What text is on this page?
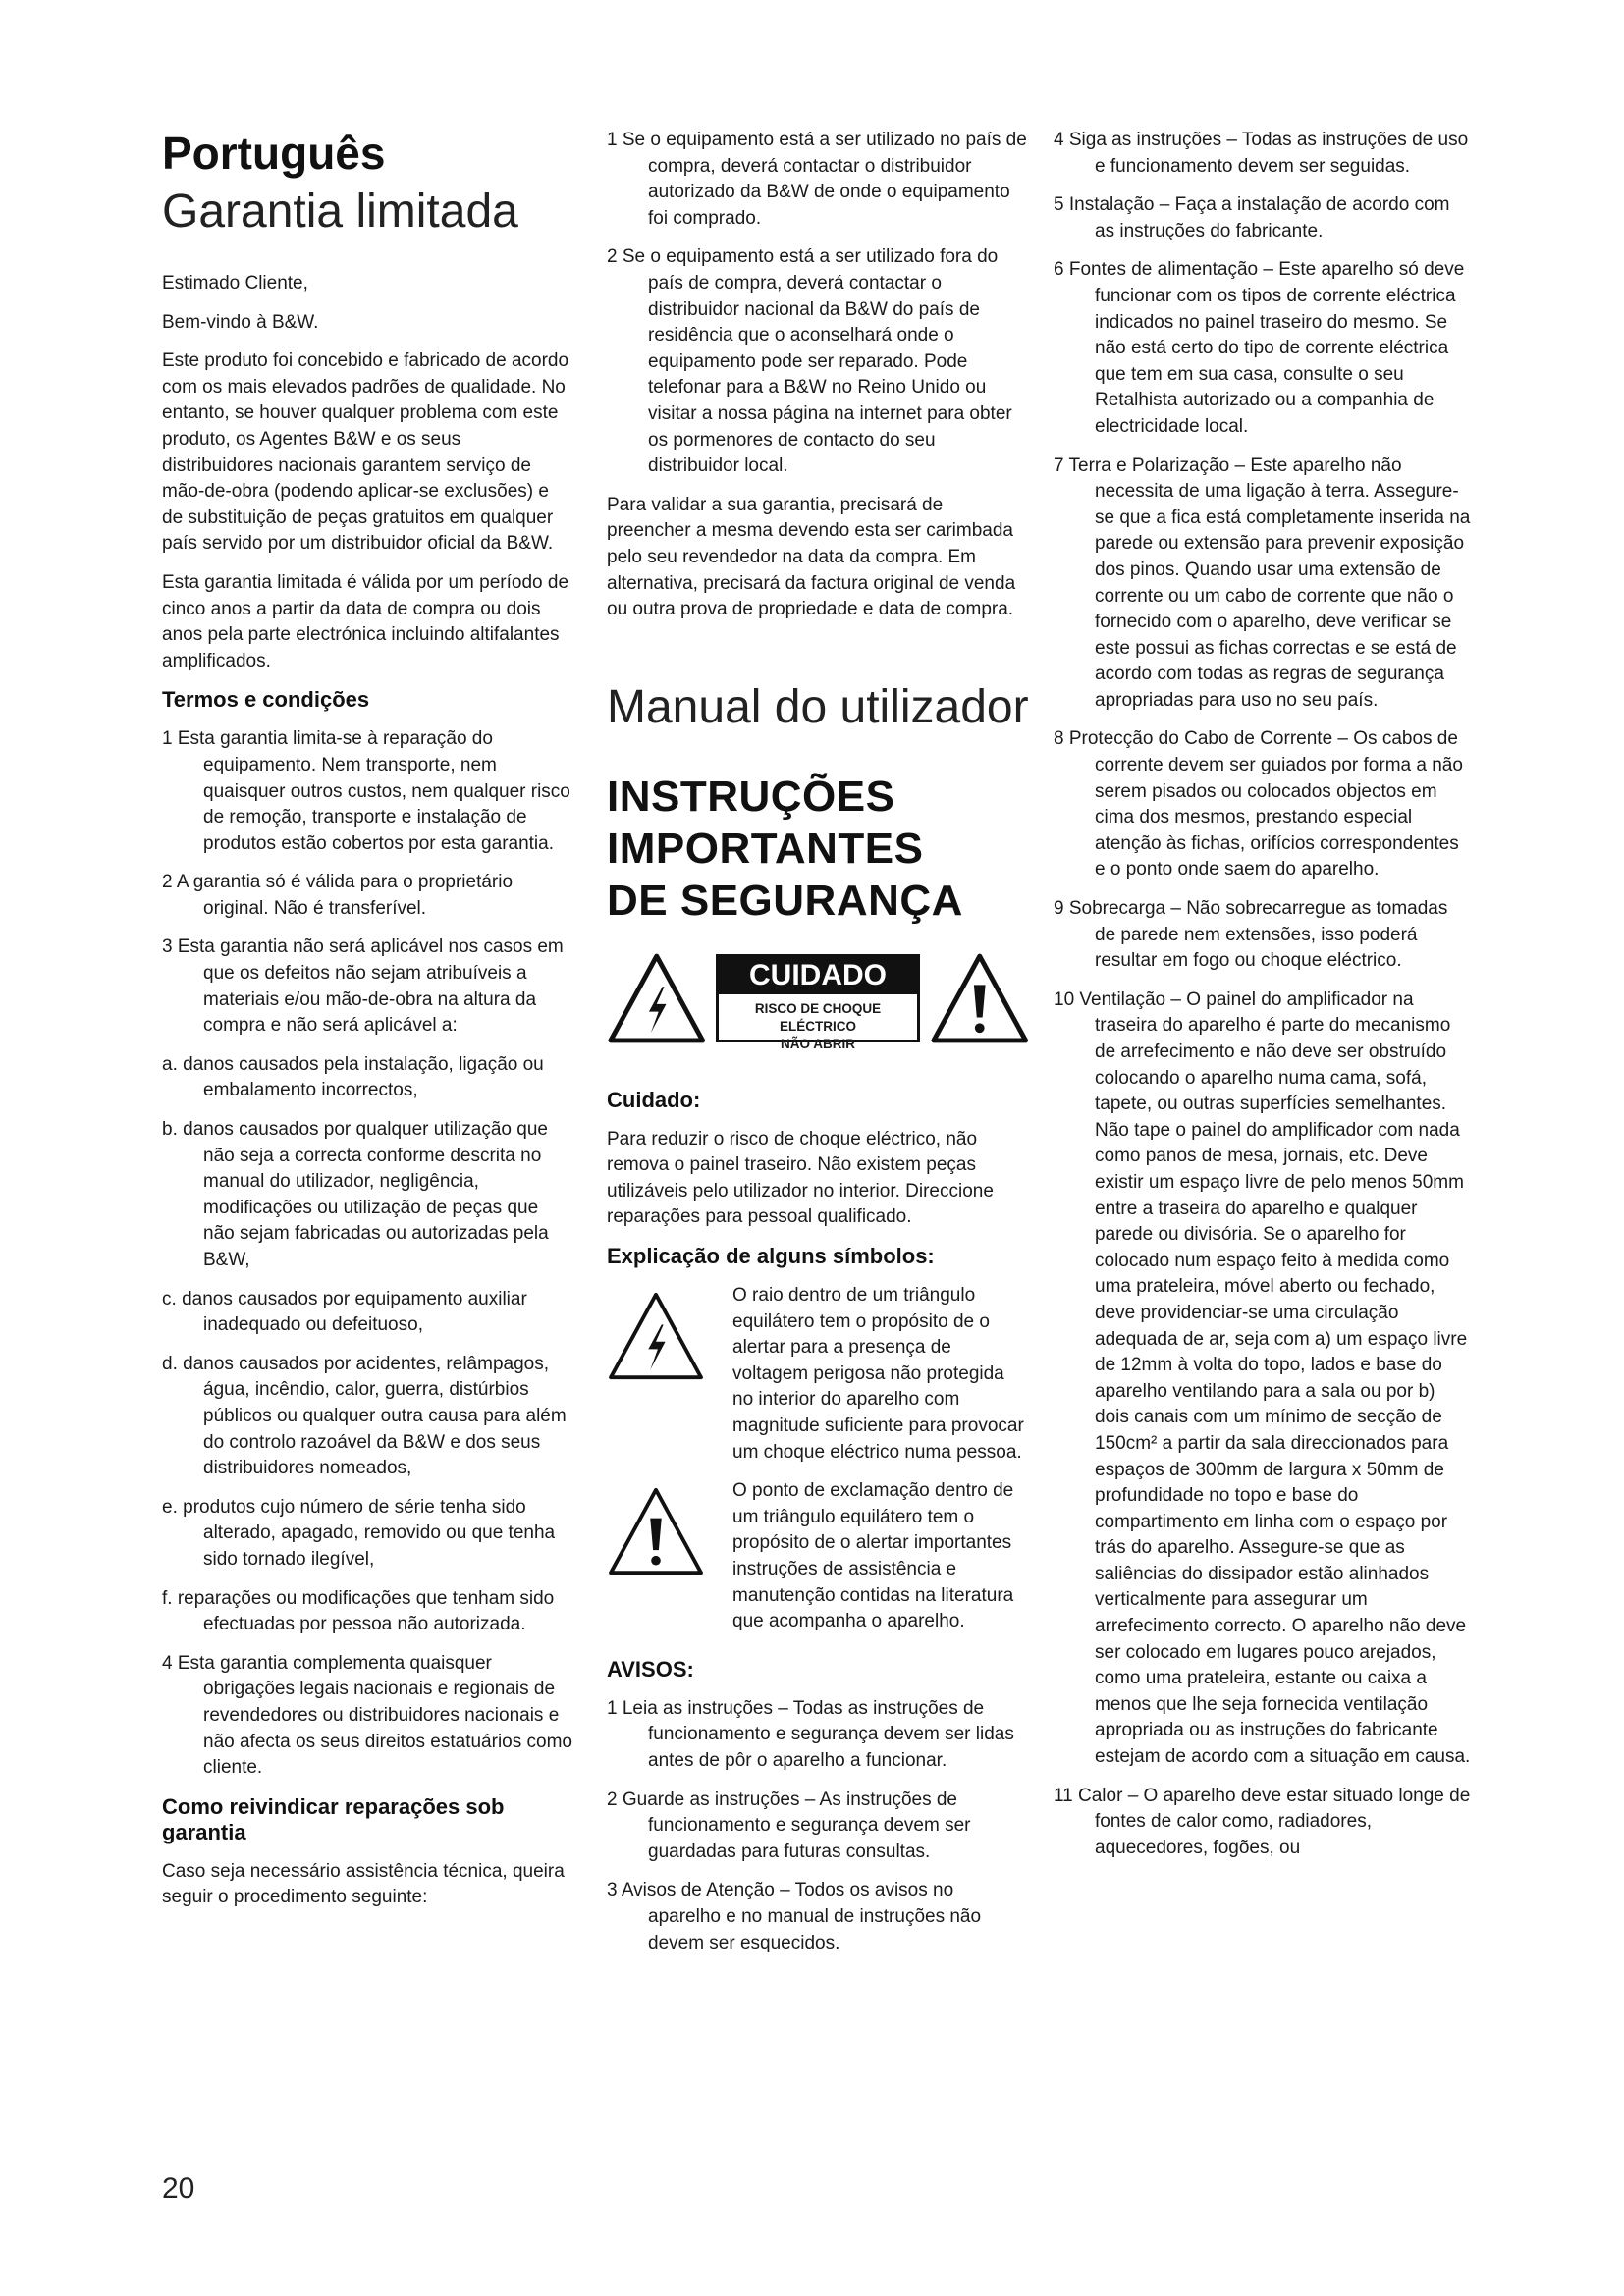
Português
Garantia limitada

Estimado Cliente,

Bem-vindo à B&W.

Este produto foi concebido e fabricado de acordo com os mais elevados padrões de qualidade. No entanto, se houver qualquer problema com este produto, os Agentes B&W e os seus distribuidores nacionais garantem serviço de mão-de-obra (podendo aplicar-se exclusões) e de substituição de peças gratuitos em qualquer país servido por um distribuidor oficial da B&W.

Esta garantia limitada é válida por um período de cinco anos a partir da data de compra ou dois anos pela parte electrónica incluindo altifalantes amplificados.

Termos e condições
1 Esta garantia limita-se à reparação do equipamento. Nem transporte, nem quaisquer outros custos, nem qualquer risco de remoção, transporte e instalação de produtos estão cobertos por esta garantia.
2 A garantia só é válida para o proprietário original. Não é transferível.
3 Esta garantia não será aplicável nos casos em que os defeitos não sejam atribuíveis a materiais e/ou mão-de-obra na altura da compra e não será aplicável a:
a. danos causados pela instalação, ligação ou embalamento incorrectos,
b. danos causados por qualquer utilização que não seja a correcta conforme descrita no manual do utilizador, negligência, modificações ou utilização de peças que não sejam fabricadas ou autorizadas pela B&W,
c. danos causados por equipamento auxiliar inadequado ou defeituoso,
d. danos causados por acidentes, relâmpagos, água, incêndio, calor, guerra, distúrbios públicos ou qualquer outra causa para além do controlo razoável da B&W e dos seus distribuidores nomeados,
e. produtos cujo número de série tenha sido alterado, apagado, removido ou que tenha sido tornado ilegível,
f. reparações ou modificações que tenham sido efectuadas por pessoa não autorizada.
4 Esta garantia complementa quaisquer obrigações legais nacionais e regionais de revendedores ou distribuidores nacionais e não afecta os seus direitos estatuários como cliente.
Como reivindicar reparações sob garantia

Caso seja necessário assistência técnica, queira seguir o procedimento seguinte:

1 Se o equipamento está a ser utilizado no país de compra, deverá contactar o distribuidor autorizado da B&W de onde o equipamento foi comprado.
2 Se o equipamento está a ser utilizado fora do país de compra, deverá contactar o distribuidor nacional da B&W do país de residência que o aconselhará onde o equipamento pode ser reparado. Pode telefonar para a B&W no Reino Unido ou visitar a nossa página na internet para obter os pormenores de contacto do seu distribuidor local.

Para validar a sua garantia, precisará de preencher a mesma devendo esta ser carimbada pelo seu revendedor na data da compra. Em alternativa, precisará da factura original de venda ou outra prova de propriedade e data de compra.

Manual do utilizador
INSTRUÇÕES
IMPORTANTES
DE SEGURANÇA
CUIDADO
RISCO DE CHOQUE ELÉCTRICO
NÃO ABRIR
Cuidado:

Para reduzir o risco de choque eléctrico, não remova o painel traseiro. Não existem peças utilizáveis pelo utilizador no interior. Direccione reparações para pessoal qualificado.

Explicação de alguns símbolos:

O raio dentro de um triângulo equilátero tem o propósito de o alertar para a presença de voltagem perigosa não protegida no interior do aparelho com magnitude suficiente para provocar um choque eléctrico numa pessoa.

O ponto de exclamação dentro de um triângulo equilátero tem o propósito de o alertar importantes instruções de assistência e manutenção contidas na literatura que acompanha o aparelho.

AVISOS:
1 Leia as instruções – Todas as instruções de funcionamento e segurança devem ser lidas antes de pôr o aparelho a funcionar.
2 Guarde as instruções – As instruções de funcionamento e segurança devem ser guardadas para futuras consultas.
3 Avisos de Atenção – Todos os avisos no aparelho e no manual de instruções não devem ser esquecidos.
4 Siga as instruções – Todas as instruções de uso e funcionamento devem ser seguidas.
5 Instalação – Faça a instalação de acordo com as instruções do fabricante.
6 Fontes de alimentação – Este aparelho só deve funcionar com os tipos de corrente eléctrica indicados no painel traseiro do mesmo. Se não está certo do tipo de corrente eléctrica que tem em sua casa, consulte o seu Retalhista autorizado ou a companhia de electricidade local.
7 Terra e Polarização – Este aparelho não necessita de uma ligação à terra. Assegure-se que a fica está completamente inserida na parede ou extensão para prevenir exposição dos pinos. Quando usar uma extensão de corrente ou um cabo de corrente que não o fornecido com o aparelho, deve verificar se este possui as fichas correctas e se está de acordo com todas as regras de segurança apropriadas para uso no seu país.
8 Protecção do Cabo de Corrente – Os cabos de corrente devem ser guiados por forma a não serem pisados ou colocados objectos em cima dos mesmos, prestando especial atenção às fichas, orifícios correspondentes e o ponto onde saem do aparelho.
9 Sobrecarga – Não sobrecarregue as tomadas de parede nem extensões, isso poderá resultar em fogo ou choque eléctrico.
10 Ventilação – O painel do amplificador na traseira do aparelho é parte do mecanismo de arrefecimento e não deve ser obstruído colocando o aparelho numa cama, sofá, tapete, ou outras superfícies semelhantes. Não tape o painel do amplificador com nada como panos de mesa, jornais, etc. Deve existir um espaço livre de pelo menos 50mm entre a traseira do aparelho e qualquer parede ou divisória. Se o aparelho for colocado num espaço feito à medida como uma prateleira, móvel aberto ou fechado, deve providenciar-se uma circulação adequada de ar, seja com a) um espaço livre de 12mm à volta do topo, lados e base do aparelho ventilando para a sala ou por b) dois canais com um mínimo de secção de 150cm² a partir da sala direccionados para espaços de 300mm de largura x 50mm de profundidade no topo e base do compartimento em linha com o espaço por trás do aparelho. Assegure-se que as saliências do dissipador estão alinhados verticalmente para assegurar um arrefecimento correcto. O aparelho não deve ser colocado em lugares pouco arejados, como uma prateleira, estante ou caixa a menos que lhe seja fornecida ventilação apropriada ou as instruções do fabricante estejam de acordo com a situação em causa.
11 Calor – O aparelho deve estar situado longe de fontes de calor como, radiadores, aquecedores, fogões, ou
20
